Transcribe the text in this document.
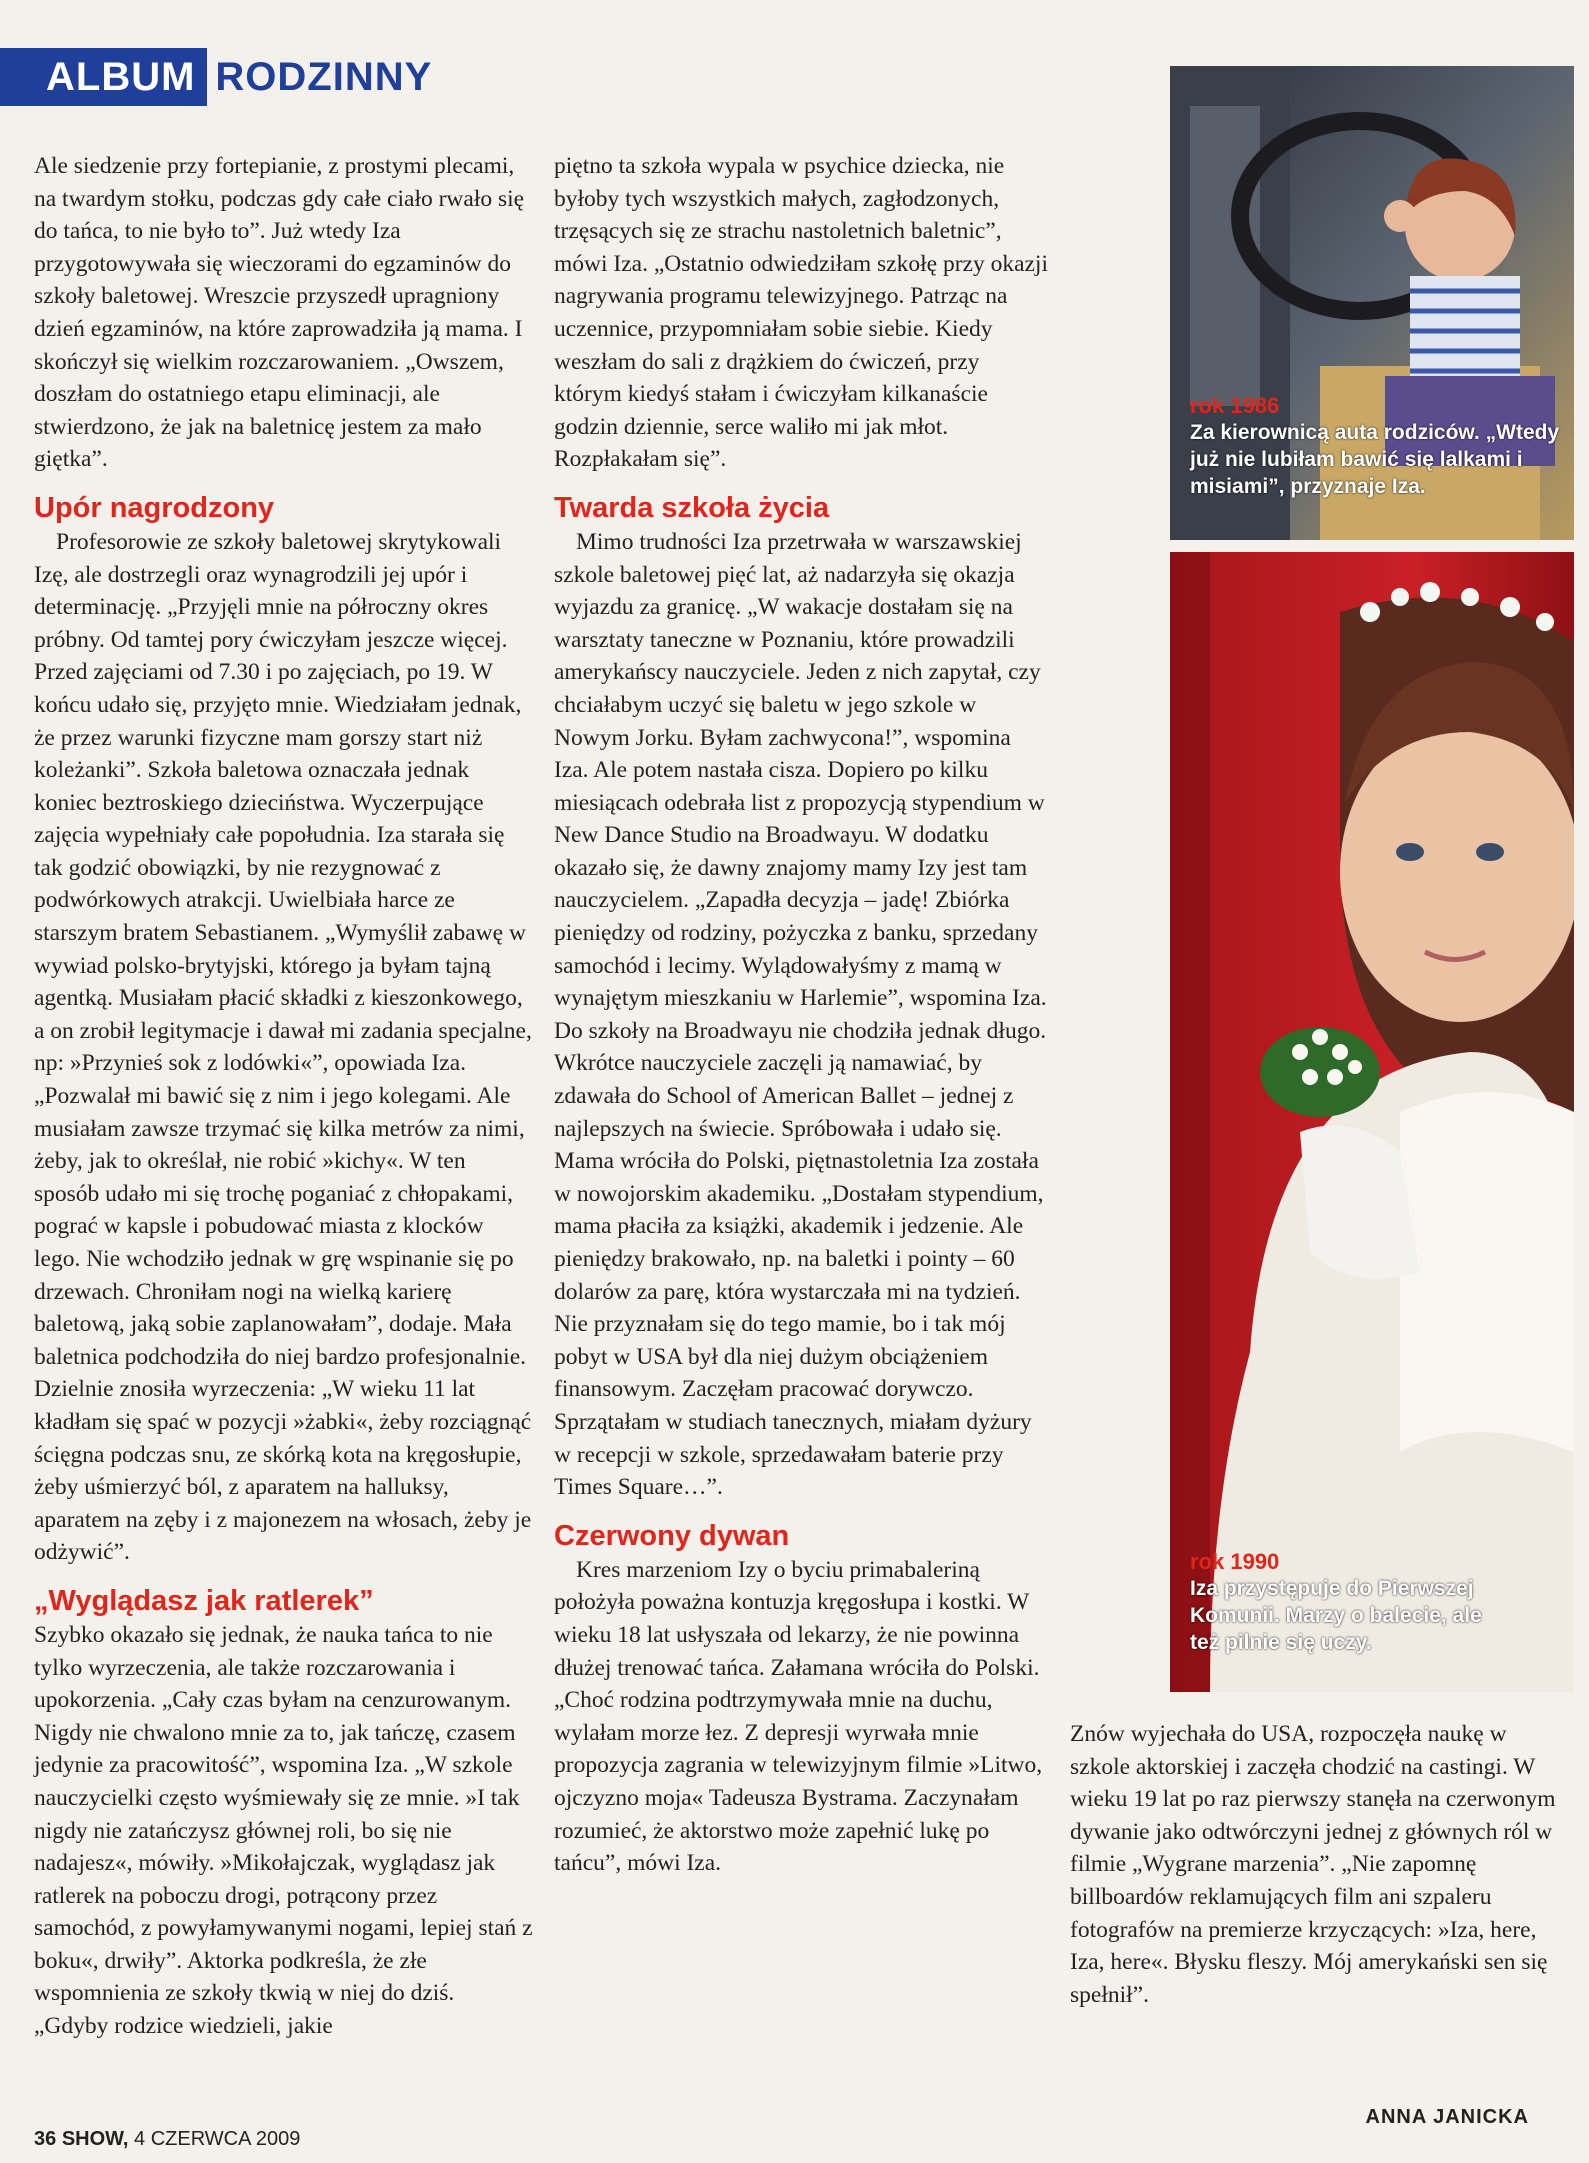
ALBUM RODZINNY

Ale siedzenie przy fortepianie, z prostymi plecami, na twardym stołku, podczas gdy całe ciało rwało się do tańca, to nie było to”. Już wtedy Iza przygotowywała się wieczorami do egzaminów do szkoły baletowej. Wreszcie przyszedł upragniony dzień egzaminów, na które zaprowadziła ją mama. I skończył się wielkim rozczarowaniem. „Owszem, doszłam do ostatniego etapu eliminacji, ale stwierdzono, że jak na baletnicę jestem za mało giętka”.

Upór nagrodzony

Profesorowie ze szkoły baletowej skrytykowali Izę, ale dostrzegli oraz wynagrodzili jej upór i determinację. „Przyjęli mnie na półroczny okres próbny. Od tamtej pory ćwiczyłam jeszcze więcej. Przed zajęciami od 7.30 i po zajęciach, po 19. W końcu udało się, przyjęto mnie. Wiedziałam jednak, że przez warunki fizyczne mam gorszy start niż koleżanki”. Szkoła baletowa oznaczała jednak koniec beztroskiego dzieciństwa. Wyczerpujące zajęcia wypełniały całe popołudnia. Iza starała się tak godzić obowiązki, by nie rezygnować z podwórkowych atrakcji. Uwielbiała harce ze starszym bratem Sebastianem. „Wymyślił zabawę w wywiad polsko-brytyjski, którego ja byłam tajną agentką. Musiałam płacić składki z kieszonkowego, a on zrobił legitymacje i dawał mi zadania specjalne, np: »Przynieś sok z lodówki«”, opowiada Iza. „Pozwalał mi bawić się z nim i jego kolegami. Ale musiałam zawsze trzymać się kilka metrów za nimi, żeby, jak to określał, nie robić »kichy«. W ten sposób udało mi się trochę poganiać z chłopakami, pograć w kapsle i pobudować miasta z klocków lego. Nie wchodziło jednak w grę wspinanie się po drzewach. Chroniłam nogi na wielką karierę baletową, jaką sobie zaplanowałam”, dodaje. Mała baletnica podchodziła do niej bardzo profesjonalnie. Dzielnie znosiła wyrzeczenia: „W wieku 11 lat kładłam się spać w pozycji »żabki«, żeby rozciągnąć ścięgna podczas snu, ze skórką kota na kręgosłupie, żeby uśmierzyć ból, z aparatem na halluksy, aparatem na zęby i z majonezem na włosach, żeby je odżywić”.

„Wyglądasz jak ratlerek”

Szybko okazało się jednak, że nauka tańca to nie tylko wyrzeczenia, ale także rozczarowania i upokorzenia. „Cały czas byłam na cenzurowanym. Nigdy nie chwalono mnie za to, jak tańczę, czasem jedynie za pracowitość”, wspomina Iza. „W szkole nauczycielki często wyśmiewały się ze mnie. »I tak nigdy nie zatańczysz głównej roli, bo się nie nadajesz«, mówiły. »Mikołajczak, wyglądasz jak ratlerek na poboczu drogi, potrącony przez samochód, z powyłamywanymi nogami, lepiej stań z boku«, drwiły”. Aktorka podkreśla, że złe wspomnienia ze szkoły tkwią w niej do dziś. „Gdyby rodzice wiedzieli, jakie

piętno ta szkoła wypala w psychice dziecka, nie byłoby tych wszystkich małych, zagłodzonych, trzęsących się ze strachu nastoletnich baletnic”, mówi Iza. „Ostatnio odwiedziłam szkołę przy okazji nagrywania programu telewizyjnego. Patrząc na uczennice, przypomniałam sobie siebie. Kiedy weszłam do sali z drążkiem do ćwiczeń, przy którym kiedyś stałam i ćwiczyłam kilkanaście godzin dziennie, serce waliło mi jak młot. Rozpłakałam się”.

Twarda szkoła życia

Mimo trudności Iza przetrwała w warszawskiej szkole baletowej pięć lat, aż nadarzyła się okazja wyjazdu za granicę. „W wakacje dostałam się na warsztaty taneczne w Poznaniu, które prowadzili amerykańscy nauczyciele. Jeden z nich zapytał, czy chciałabym uczyć się baletu w jego szkole w Nowym Jorku. Byłam zachwycona!”, wspomina Iza. Ale potem nastała cisza. Dopiero po kilku miesiącach odebrała list z propozycją stypendium w New Dance Studio na Broadwayu. W dodatku okazało się, że dawny znajomy mamy Izy jest tam nauczycielem. „Zapadła decyzja – jadę! Zbiórka pieniędzy od rodziny, pożyczka z banku, sprzedany samochód i lecimy. Wylądowałyśmy z mamą w wynajętym mieszkaniu w Harlemie”, wspomina Iza. Do szkoły na Broadwayu nie chodziła jednak długo. Wkrótce nauczyciele zaczęli ją namawiać, by zdawała do School of American Ballet – jednej z najlepszych na świecie. Spróbowała i udało się. Mama wróciła do Polski, piętnastoletnia Iza została w nowojorskim akademiku. „Dostałam stypendium, mama płaciła za książki, akademik i jedzenie. Ale pieniędzy brakowało, np. na baletki i pointy – 60 dolarów za parę, która wystarczała mi na tydzień. Nie przyznałam się do tego mamie, bo i tak mój pobyt w USA był dla niej dużym obciążeniem finansowym. Zaczęłam pracować dorywczo. Sprzątałam w studiach tanecznych, miałam dyżury w recepcji w szkole, sprzedawałam baterie przy Times Square…”.

Czerwony dywan

Kres marzeniom Izy o byciu primabaleriną położyła poważna kontuzja kręgosłupa i kostki. W wieku 18 lat usłyszała od lekarzy, że nie powinna dłużej trenować tańca. Załamana wróciła do Polski. „Choć rodzina podtrzymywała mnie na duchu, wylałam morze łez. Z depresji wyrwała mnie propozycja zagrania w telewizyjnym filmie »Litwo, ojczyzno moja« Tadeusza Bystrama. Zaczynałam rozumieć, że aktorstwo może zapełnić lukę po tańcu”, mówi Iza.

rok 1986
Za kierownicą auta rodziców. „Wtedy już nie lubiłam bawić się lalkami i misiami”, przyznaje Iza.
rok 1990
Iza przystępuje do Pierwszej Komunii. Marzy o balecie, ale też pilnie się uczy.

Znów wyjechała do USA, rozpoczęła naukę w szkole aktorskiej i zaczęła chodzić na castingi. W wieku 19 lat po raz pierwszy stanęła na czerwonym dywanie jako odtwórczyni jednej z głównych ról w filmie „Wygrane marzenia”. „Nie zapomnę billboardów reklamujących film ani szpaleru fotografów na premierze krzyczących: »Iza, here, Iza, here«. Błysku fleszy. Mój amerykański sen się spełnił”.

ANNA JANICKA
36 SHOW, 4 CZERWCA 2009
